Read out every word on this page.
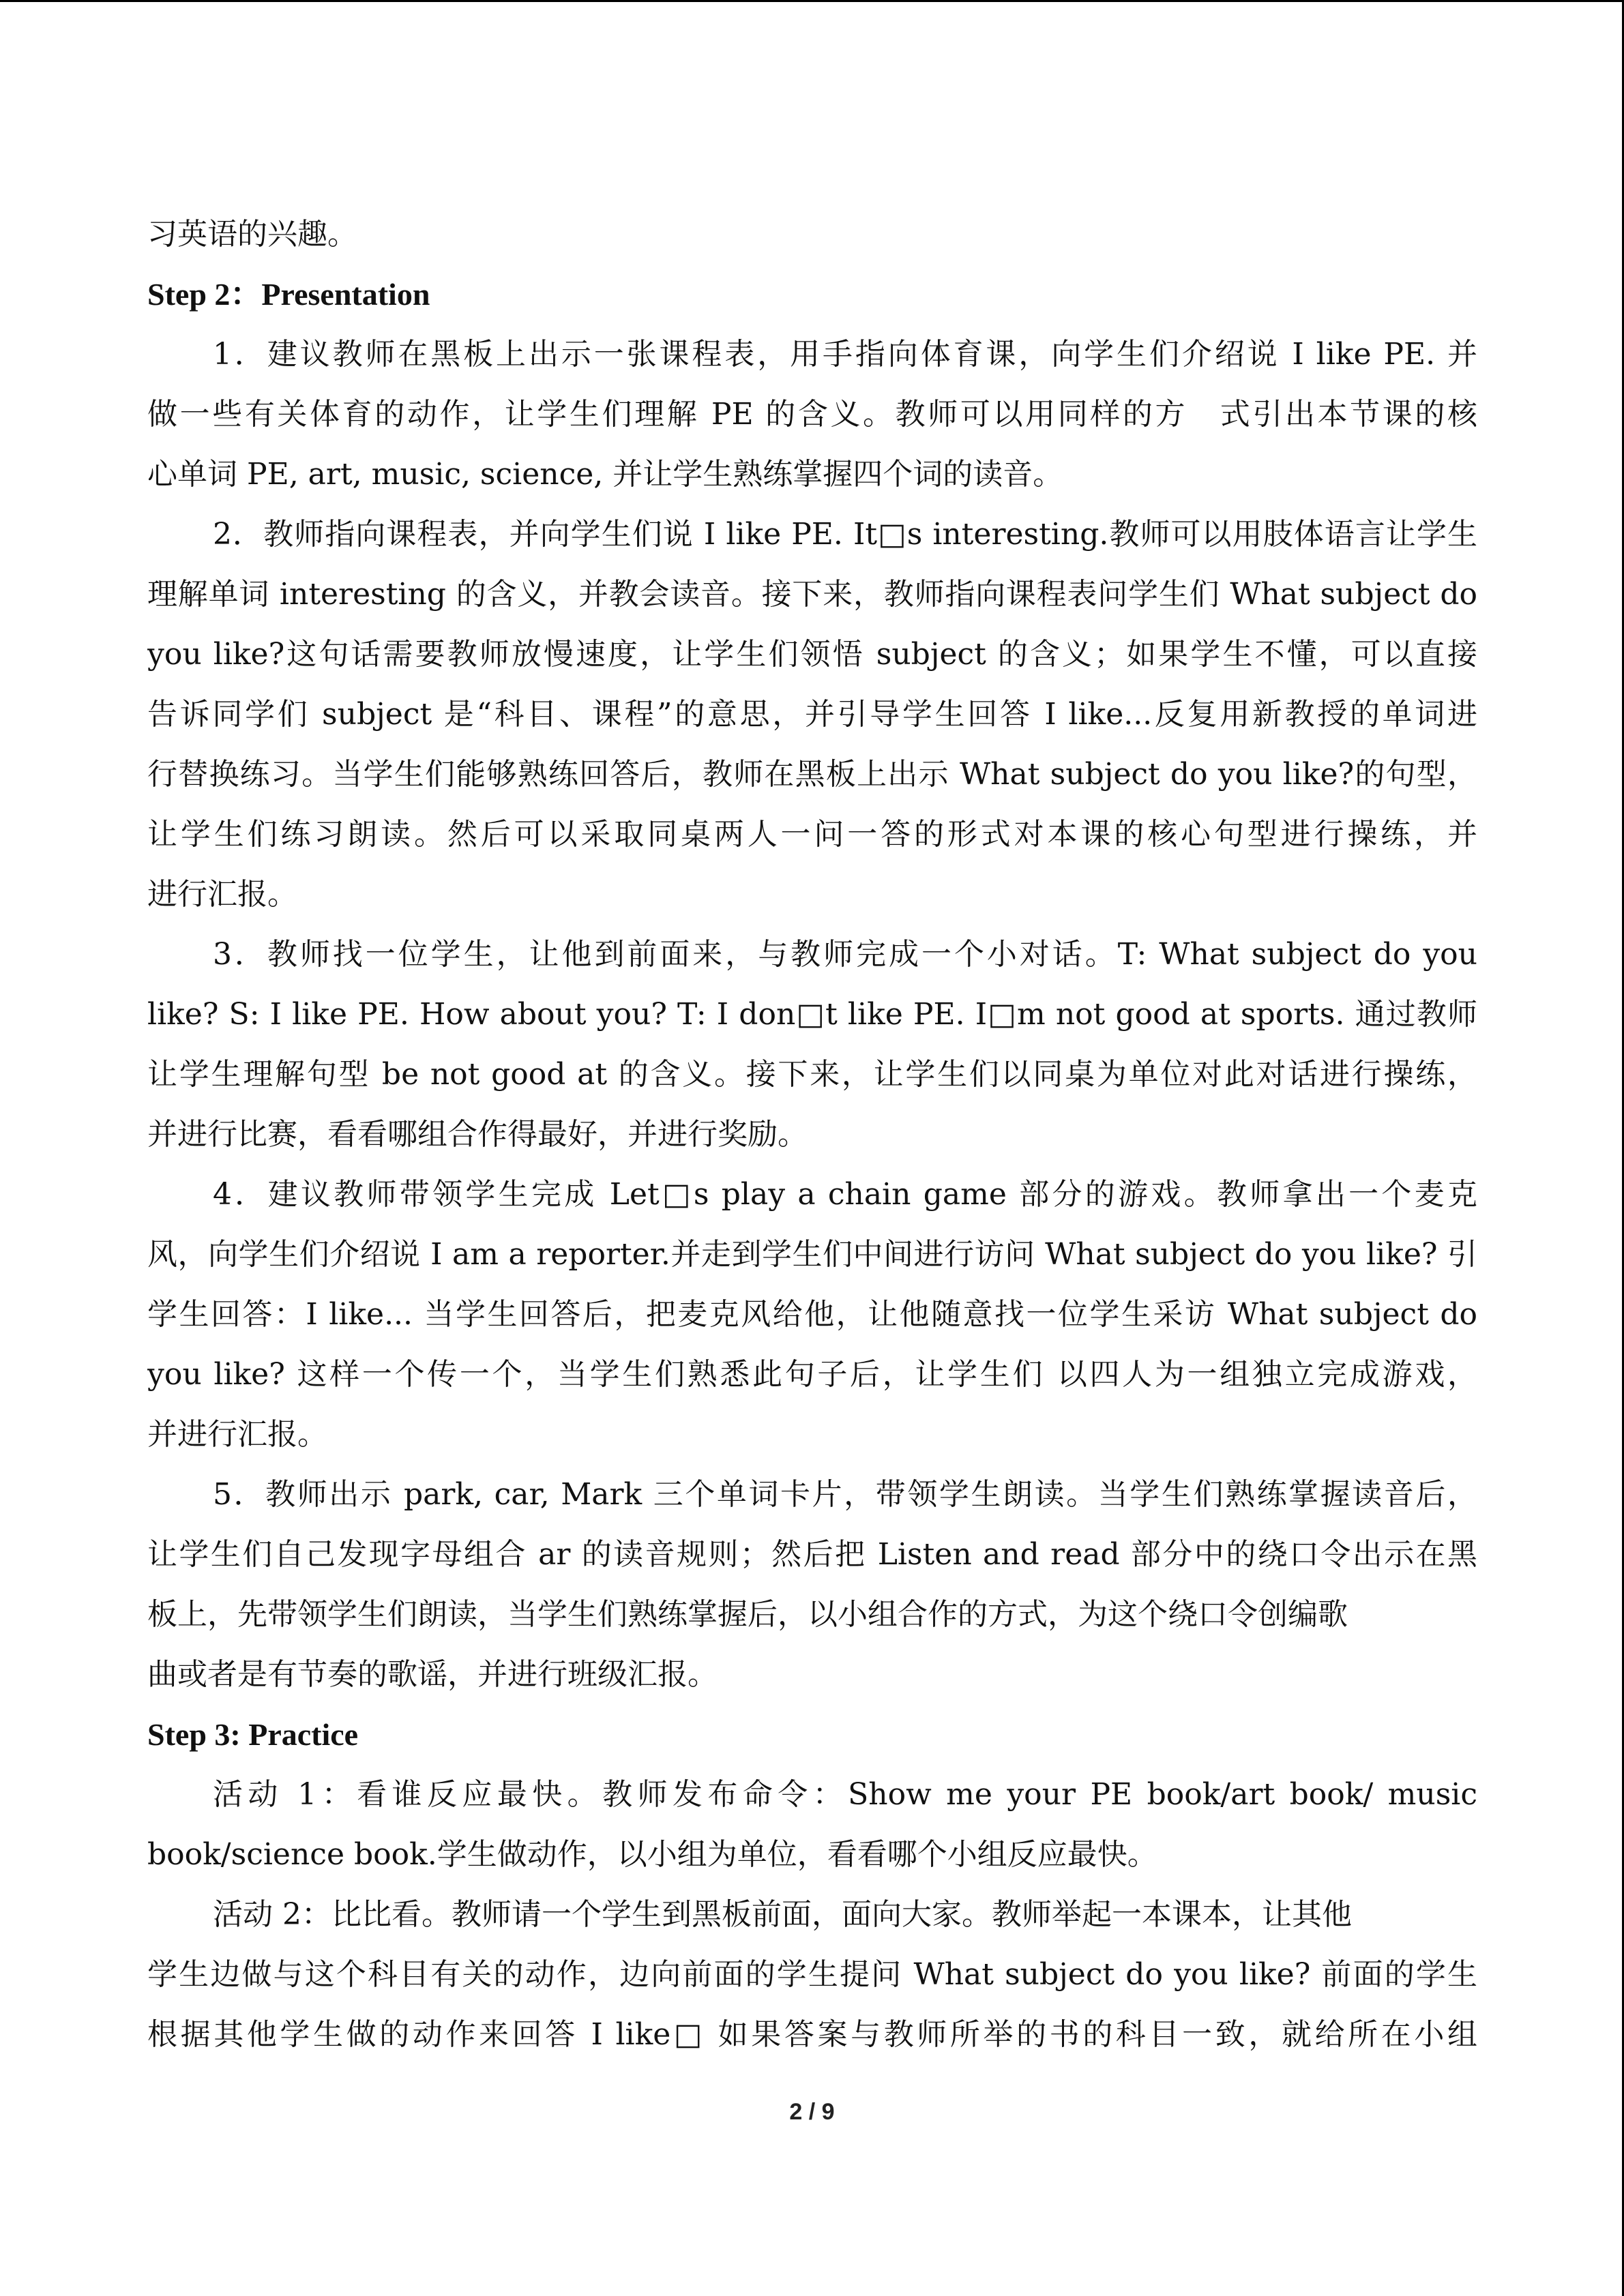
习英语的兴趣。
Step 2：Presentation
1．建议教师在黑板上出示一张课程表，用手指向体育课，向学生们介绍说 I like PE. 并
做一些有关体育的动作，让学生们理解 PE 的含义。教师可以用同样的方　式引出本节课的核
心单词 PE, art, music, science, 并让学生熟练掌握四个词的读音。
2．教师指向课程表，并向学生们说 I like PE. It□s interesting.教师可以用肢体语言让学生
理解单词 interesting 的含义，并教会读音。接下来，教师指向课程表问学生们 What subject do
you like?这句话需要教师放慢速度，让学生们领悟 subject 的含义；如果学生不懂，可以直接
告诉同学们 subject 是“科目、课程”的意思，并引导学生回答 I like...反复用新教授的单词进
行替换练习。当学生们能够熟练回答后，教师在黑板上出示 What subject do you like?的句型，
让学生们练习朗读。然后可以采取同桌两人一问一答的形式对本课的核心句型进行操练，并
进行汇报。
3．教师找一位学生，让他到前面来，与教师完成一个小对话。T: What subject do you
like? S: I like PE. How about you? T: I don□t like PE. I□m not good at sports. 通过教师
让学生理解句型 be not good at 的含义。接下来，让学生们以同桌为单位对此对话进行操练，
并进行比赛，看看哪组合作得最好，并进行奖励。
4．建议教师带领学生完成 Let□s play a chain game 部分的游戏。教师拿出一个麦克
风，向学生们介绍说 I am a reporter.并走到学生们中间进行访问 What subject do you like? 引
学生回答：I like... 当学生回答后，把麦克风给他，让他随意找一位学生采访 What subject do
you like? 这样一个传一个，当学生们熟悉此句子后，让学生们 以四人为一组独立完成游戏，
并进行汇报。
5．教师出示 park, car, Mark 三个单词卡片，带领学生朗读。当学生们熟练掌握读音后，
让学生们自己发现字母组合 ar 的读音规则；然后把 Listen and read 部分中的绕口令出示在黑
板上，先带领学生们朗读，当学生们熟练掌握后，以小组合作的方式，为这个绕口令创编歌
曲或者是有节奏的歌谣，并进行班级汇报。
Step 3: Practice
活动 1：看谁反应最快。教师发布命令：Show me your PE book/art book/ music
book/science book.学生做动作，以小组为单位，看看哪个小组反应最快。
活动 2：比比看。教师请一个学生到黑板前面，面向大家。教师举起一本课本，让其他
学生边做与这个科目有关的动作，边向前面的学生提问 What subject do you like? 前面的学生
根据其他学生做的动作来回答 I like□ 如果答案与教师所举的书的科目一致，就给所在小组
2 / 9
